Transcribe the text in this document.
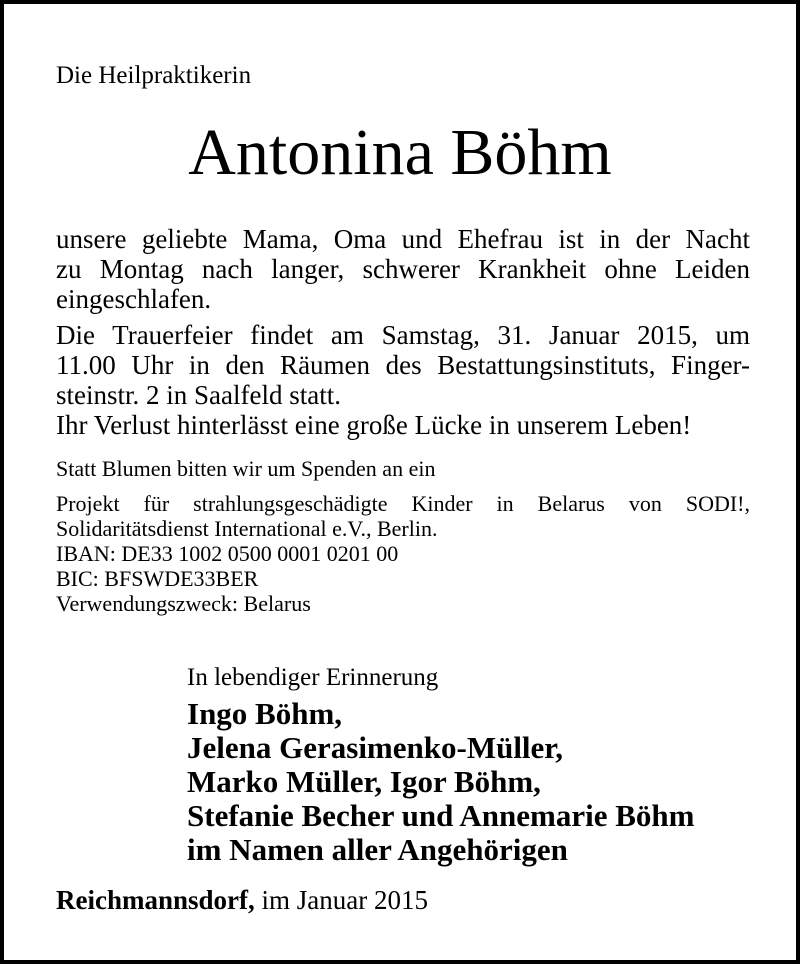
Die Heilpraktikerin
Antonina Böhm
unsere geliebte Mama, Oma und Ehefrau ist in der Nacht
zu Montag nach langer, schwerer Krankheit ohne Leiden
eingeschlafen.
Die Trauerfeier findet am Samstag, 31. Januar 2015, um
11.00 Uhr in den Räumen des Bestattungsinstituts, Finger-
steinstr. 2 in Saalfeld statt.
Ihr Verlust hinterlässt eine große Lücke in unserem Leben!
Statt Blumen bitten wir um Spenden an ein
Projekt für strahlungsgeschädigte Kinder in Belarus von SODI!,
Solidaritätsdienst International e.V., Berlin.
IBAN: DE33 1002 0500 0001 0201 00
BIC: BFSWDE33BER
Verwendungszweck: Belarus
In lebendiger Erinnerung
Ingo Böhm,
Jelena Gerasimenko-Müller,
Marko Müller, Igor Böhm,
Stefanie Becher und Annemarie Böhm
im Namen aller Angehörigen
Reichmannsdorf, im Januar 2015
